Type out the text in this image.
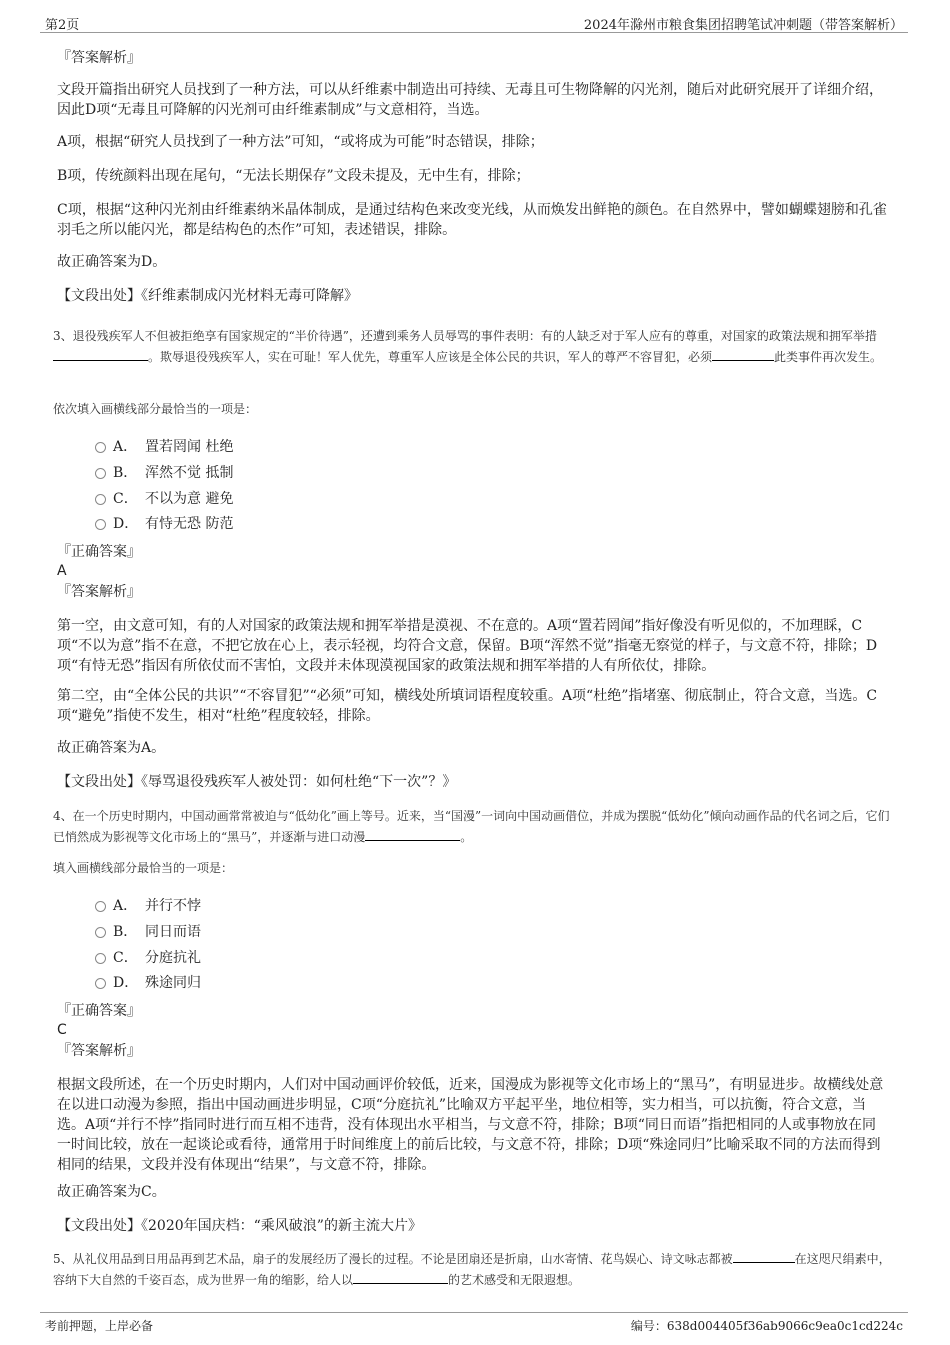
第2页	2024年滁州市粮食集团招聘笔试冲刺题（带答案解析）
『答案解析』
文段开篇指出研究人员找到了一种方法，可以从纤维素中制造出可持续、无毒且可生物降解的闪光剂，随后对此研究展开了详细介绍，因此D项“无毒且可降解的闪光剂可由纤维素制成”与文意相符，当选。
A项，根据“研究人员找到了一种方法”可知，“或将成为可能”时态错误，排除；
B项，传统颜料出现在尾句，“无法长期保存”文段未提及，无中生有，排除；
C项，根据“这种闪光剂由纤维素纳米晶体制成，是通过结构色来改变光线，从而焕发出鲜艳的颜色。在自然界中，譬如蝴蝶翅膀和孔雀羽毛之所以能闪光，都是结构色的杰作”可知，表述错误，排除。
故正确答案为D。
【文段出处】《纤维素制成闪光材料无毒可降解》
3、退役残疾军人不但被拒绝享有国家规定的“半价待遇”，还遭到乘务人员辱骂的事件表明：有的人缺乏对于军人应有的尊重，对国家的政策法规和拥军举措 。欺辱退役残疾军人，实在可耻！军人优先，尊重军人应该是全体公民的共识，军人的尊严不容冒犯，必须	此类事件再次发生。
依次填入画横线部分最恰当的一项是：
A． 置若罔闻 杜绝
B． 浑然不觉 抵制
C． 不以为意 避免
D． 有恃无恐 防范
『正确答案』
A
『答案解析』
第一空，由文意可知，有的人对国家的政策法规和拥军举措是漠视、不在意的。A项“置若罔闻”指好像没有听见似的，不加理睬，C项“不以为意”指不在意，不把它放在心上，表示轻视，均符合文意，保留。B项“浑然不觉”指毫无察觉的样子，与文意不符，排除；D项“有恃无恐”指因有所依仗而不害怕，文段并未体现漠视国家的政策法规和拥军举措的人有所依仗，排除。
第二空，由“全体公民的共识”“不容冒犯”“必须”可知，横线处所填词语程度较重。A项“杜绝”指堵塞、彻底制止，符合文意，当选。C项“避免”指使不发生，相对“杜绝”程度较轻，排除。
故正确答案为A。
【文段出处】《辱骂退役残疾军人被处罚：如何杜绝“下一次”？》
4、在一个历史时期内，中国动画常常被迫与“低幼化”画上等号。近来，当“国漫”一词向中国动画借位，并成为摆脱“低幼化”倾向动画作品的代名词之后，它们已悄然成为影视等文化市场上的“黑马”，并逐渐与进口动漫	。
填入画横线部分最恰当的一项是：
A． 并行不悖
B． 同日而语
C． 分庭抗礼
D． 殊途同归
『正确答案』
C
『答案解析』
根据文段所述，在一个历史时期内，人们对中国动画评价较低，近来，国漫成为影视等文化市场上的“黑马”，有明显进步。故横线处意在以进口动漫为参照，指出中国动画进步明显，C项“分庭抗礼”比喻双方平起平坐，地位相等，实力相当，可以抗衡，符合文意，当选。A项“并行不悖”指同时进行而互相不违背，没有体现出水平相当，与文意不符，排除；B项“同日而语”指把相同的人或事物放在同一时间比较，放在一起谈论或看待，通常用于时间维度上的前后比较，与文意不符，排除；D项“殊途同归”比喻采取不同的方法而得到相同的结果，文段并没有体现出“结果”，与文意不符，排除。
故正确答案为C。
【文段出处】《2020年国庆档：“乘风破浪”的新主流大片》
5、从礼仪用品到日用品再到艺术品，扇子的发展经历了漫长的过程。不论是团扇还是折扇，山水寄情、花鸟娱心、诗文咏志都被	在这咫尺绢素中，容纳下大自然的千姿百态，成为世界一角的缩影，给人以	的艺术感受和无限遐想。
考前押题，上岸必备	编号：638d004405f36ab9066c9ea0c1cd224c
